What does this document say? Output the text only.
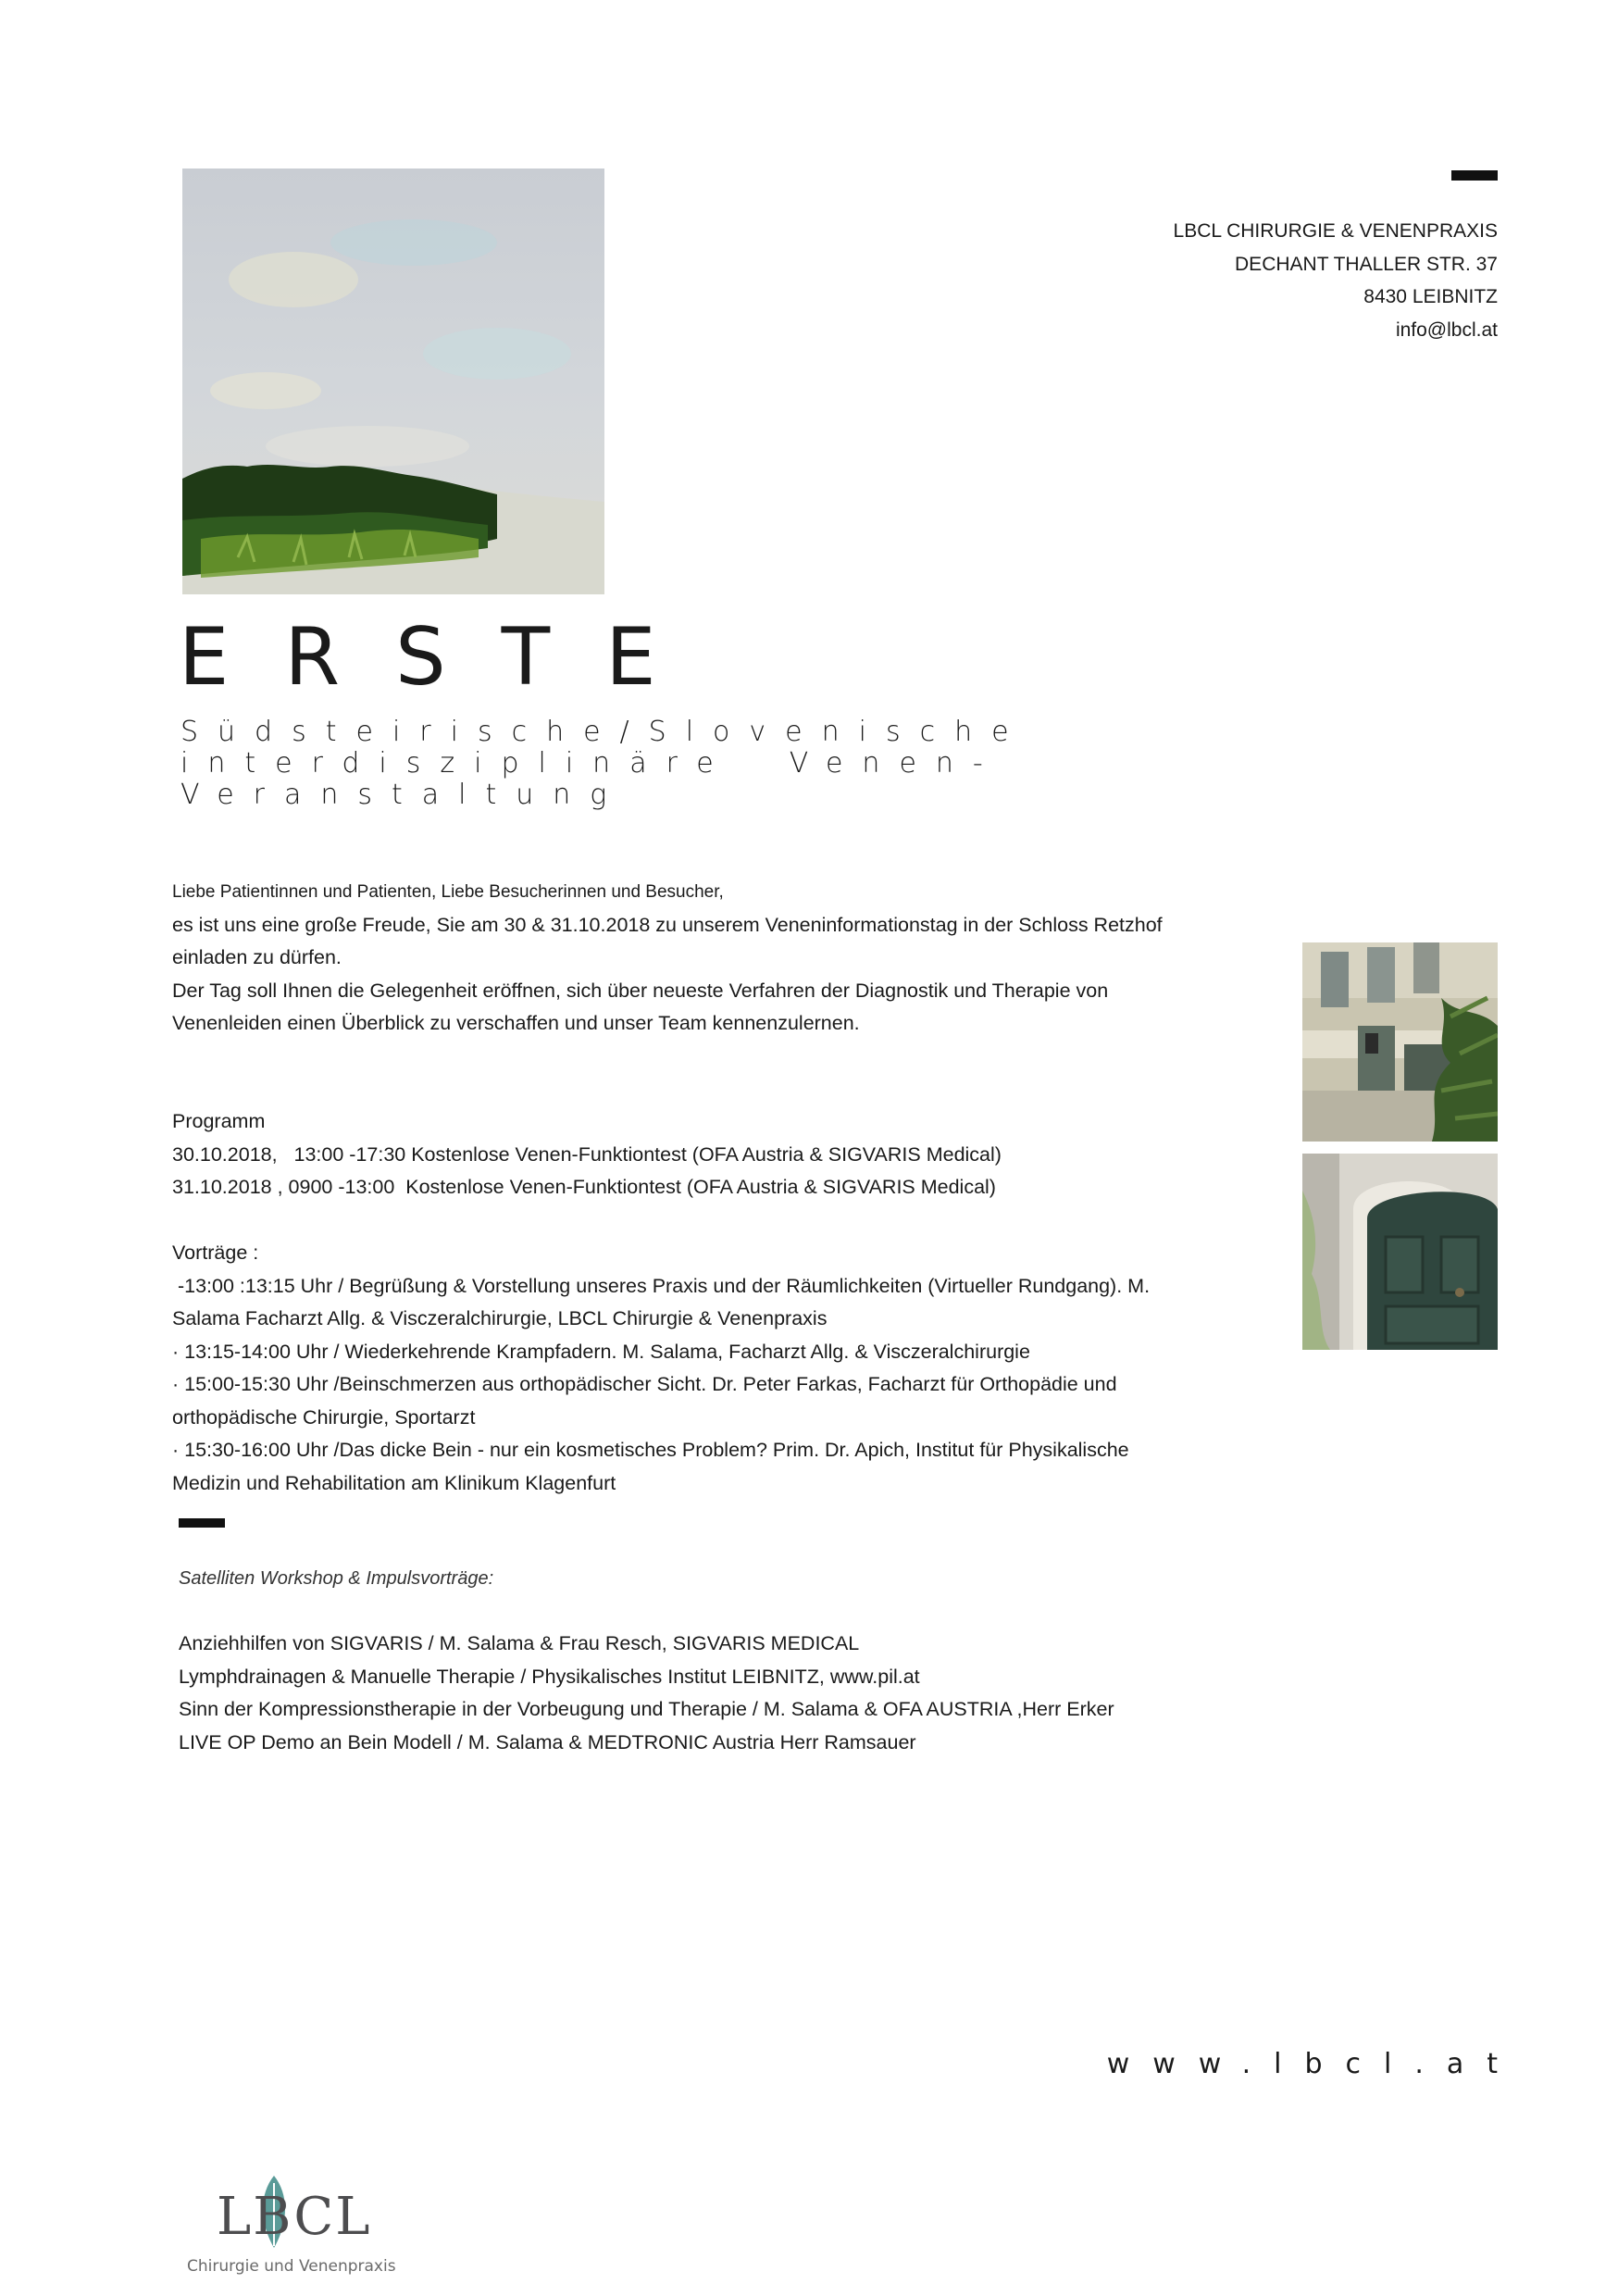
LBCL CHIRURGIE & VENENPRAXIS
DECHANT THALLER STR. 37
8430 LEIBNITZ
info@lbcl.at
ERSTE
Südsteirische/Slovenische
interdisziplinäre  Venen-
Veranstaltung
Liebe Patientinnen und Patienten, Liebe Besucherinnen und Besucher,
es ist uns eine große Freude, Sie am 30 & 31.10.2018 zu unserem Veneninformationstag in der Schloss Retzhof
einladen zu dürfen.
Der Tag soll Ihnen die Gelegenheit eröffnen, sich über neueste Verfahren der Diagnostik und Therapie von
Venenleiden einen Überblick zu verschaffen und unser Team kennenzulernen.
Programm
30.10.2018,   13:00 -17:30 Kostenlose Venen-Funktiontest (OFA Austria & SIGVARIS Medical)
31.10.2018 , 0900 -13:00  Kostenlose Venen-Funktiontest (OFA Austria & SIGVARIS Medical)
Vorträge :
-13:00 :13:15 Uhr / Begrüßung & Vorstellung unseres Praxis und der Räumlichkeiten (Virtueller Rundgang). M.
Salama Facharzt Allg. & Visczeralchirurgie, LBCL Chirurgie & Venenpraxis
· 13:15-14:00 Uhr / Wiederkehrende Krampfadern. M. Salama, Facharzt Allg. & Visczeralchirurgie
· 15:00-15:30 Uhr /Beinschmerzen aus orthopädischer Sicht. Dr. Peter Farkas, Facharzt für Orthopädie und
orthopädische Chirurgie, Sportarzt
· 15:30-16:00 Uhr /Das dicke Bein - nur ein kosmetisches Problem? Prim. Dr. Apich, Institut für Physikalische
Medizin und Rehabilitation am Klinikum Klagenfurt
Satelliten Workshop & Impulsvorträge:
Anziehhilfen von SIGVARIS / M. Salama & Frau Resch, SIGVARIS MEDICAL
Lymphdrainagen & Manuelle Therapie / Physikalisches Institut LEIBNITZ, www.pil.at
Sinn der Kompressionstherapie in der Vorbeugung und Therapie / M. Salama & OFA AUSTRIA ,Herr Erker
LIVE OP Demo an Bein Modell / M. Salama & MEDTRONIC Austria Herr Ramsauer
www.lbcl.at
LBCL
Chirurgie und Venenpraxis
